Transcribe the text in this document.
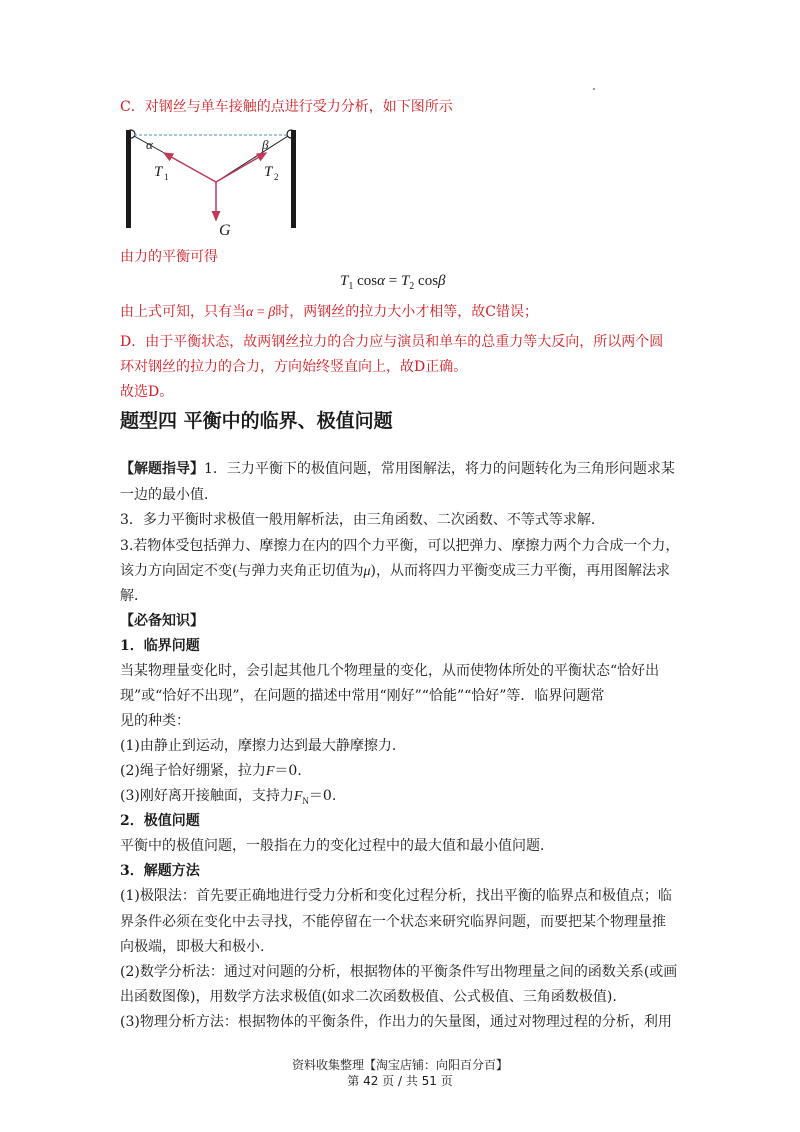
C．对钢丝与单车接触的点进行受力分析，如下图所示
α	β
T 1	T 2
G
由力的平衡可得
$T_1$ $\cos\alpha = T_2$ cosβ
由上式可知，只有当α = β时，两钢丝的拉力大小才相等，故C错误；
D．由于平衡状态，故两钢丝拉力的合力应与演员和单车的总重力等大反向，所以两个圆
环对钢丝的拉力的合力，方向始终竖直向上，故D正确。
故选D。
题型四 平衡中的临界、极值问题
【解题指导】1．三力平衡下的极值问题，常用图解法，将力的问题转化为三角形问题求某
一边的最小值．
3．多力平衡时求极值一般用解析法，由三角函数、二次函数、不等式等求解．
3.若物体受包括弹力、摩擦力在内的四个力平衡，可以把弹力、摩擦力两个力合成一个力，
该力方向固定不变(与弹力夹角正切值为μ)，从而将四力平衡变成三力平衡，再用图解法求
解．
【必备知识】
1．临界问题
当某物理量变化时，会引起其他几个物理量的变化，从而使物体所处的平衡状态“恰好出
现”或“恰好不出现”，在问题的描述中常用“刚好”“恰能”“恰好”等．临界问题常
见的种类：
(1)由静止到运动，摩擦力达到最大静摩擦力．
(2)绳子恰好绷紧，拉力F＝0.
(3)刚好离开接触面，支持力$F_N=0$.
2．极值问题
平衡中的极值问题，一般指在力的变化过程中的最大值和最小值问题．
3．解题方法
(1)极限法：首先要正确地进行受力分析和变化过程分析，找出平衡的临界点和极值点；临
界条件必须在变化中去寻找，不能停留在一个状态来研究临界问题，而要把某个物理量推
向极端，即极大和极小.
(2)数学分析法：通过对问题的分析，根据物体的平衡条件写出物理量之间的函数关系(或画
出函数图像)，用数学方法求极值(如求二次函数极值、公式极值、三角函数极值).
(3)物理分析方法：根据物体的平衡条件，作出力的矢量图，通过对物理过程的分析，利用
资料收集整理【淘宝店铺：向阳百分百】
第 42 页 / 共 51 页
